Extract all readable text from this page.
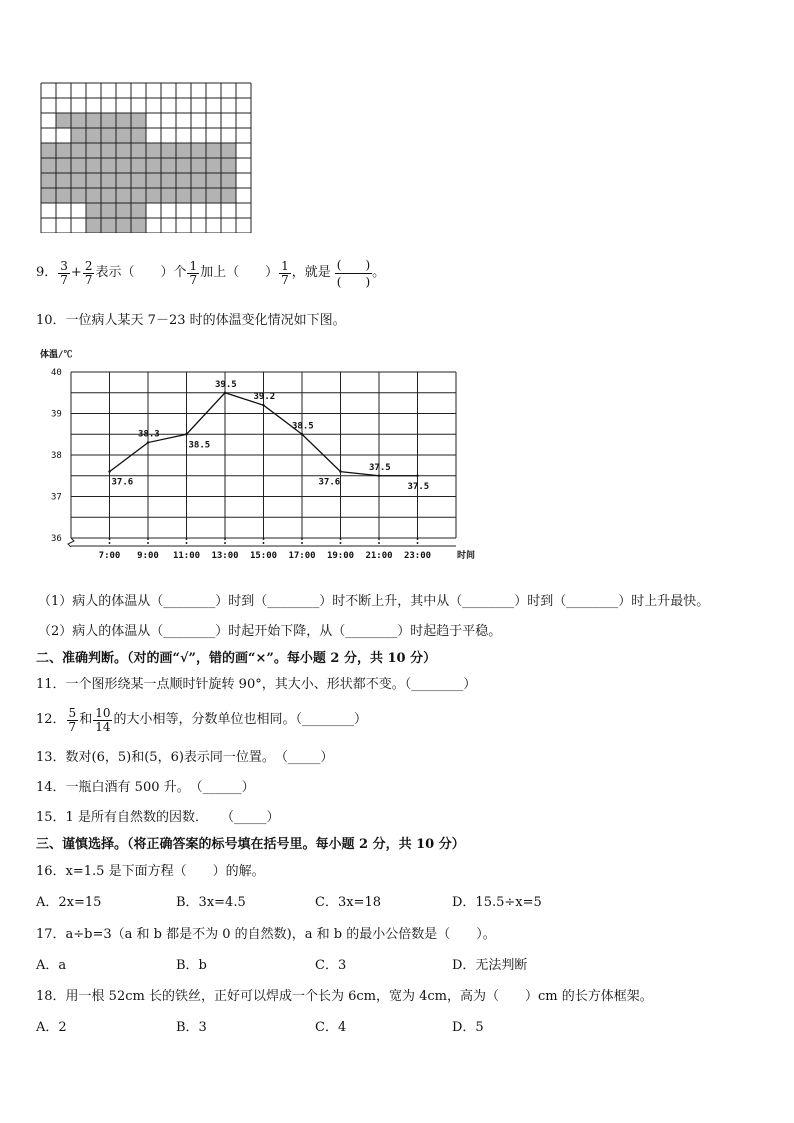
9． $\frac{3}{7} + \frac{2}{7}$ 表示（　　）个 $\frac{1}{7}$ 加上（　　） $\frac{1}{7}$ ，就是 $\frac{( )}{( )}$ 。
10．一位病人某天 7－23 时的体温变化情况如下图。
体温/℃
40
39
38
37
36
7:00 9:00 11:00 13:00 15:00 17:00 19:00 21:00 23:00	时间
37.6
38.3
38.5
39.5
39.2
38.5
37.6
37.5
37.5
（1）病人的体温从（________）时到（________）时不断上升，其中从（________）时到（________）时上升最快。
（2）病人的体温从（________）时起开始下降，从（________）时起趋于平稳。
二、准确判断。（对的画“√”，错的画“×”。每小题 2 分，共 10 分）
11．一个图形绕某一点顺时针旋转 90°，其大小、形状都不变。（________）
12． $\frac{5}{7}$ 和 $\frac{10}{14}$ 的大小相等，分数单位也相同。（________）
13．数对(6，5)和(5，6)表示同一位置。　（_____）
14．一瓶白酒有 500 升。　（______）
15．1 是所有自然数的因数．　　（_____）
三、谨慎选择。（将正确答案的标号填在括号里。每小题 2 分，共 10 分）
16．x=1.5 是下面方程（　　）的解。
A．2x=15	B．3x=4.5	C．3x=18	D．15.5÷x=5
17．a÷b=3（a 和 b 都是不为 0 的自然数)，a 和 b 的最小公倍数是（　　）。
A．a	B．b	C．3	D．无法判断
18．用一根 52cm 长的铁丝，正好可以焊成一个长为 6cm，宽为 4cm，高为（　　）cm 的长方体框架。
A．2	B．3	C．4	D．5
